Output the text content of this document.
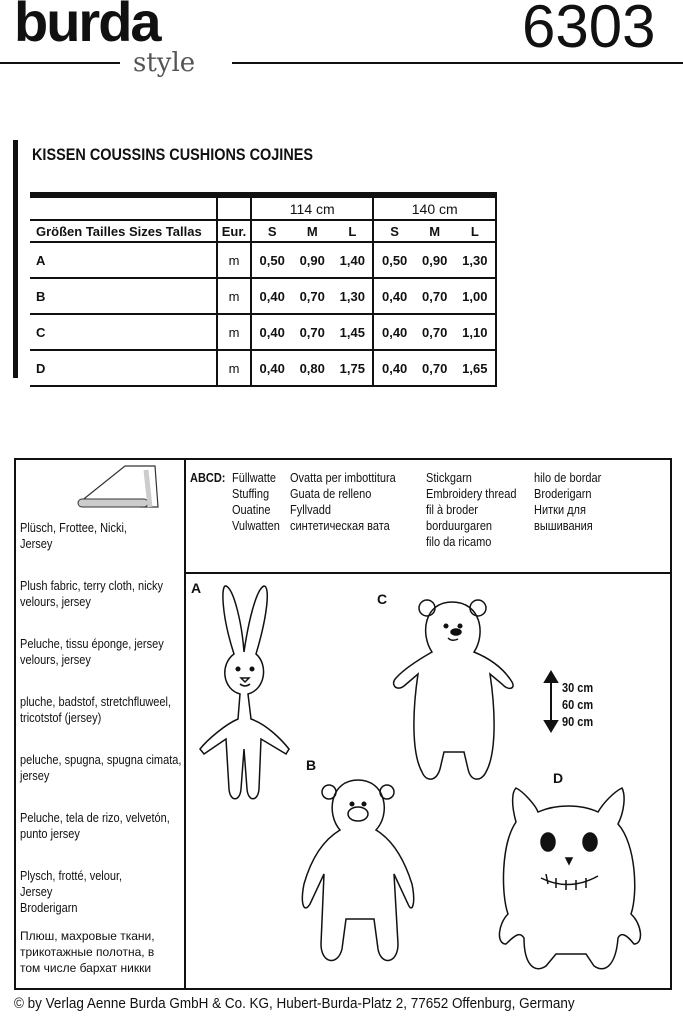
burda
style
6303
KISSEN COUSSINS CUSHIONS COJINES
		114 cm			140 cm		
Größen Tailles Sizes Tallas	Eur.	S	M	L	S	M	L
A	m	0,50	0,90	1,40	0,50	0,90	1,30
B	m	0,40	0,70	1,30	0,40	0,70	1,00
C	m	0,40	0,70	1,45	0,40	0,70	1,10
D	m	0,40	0,80	1,75	0,40	0,70	1,65
Plüsch, Frottee, Nicki,
Jersey
Plush fabric, terry cloth, nicky
velours, jersey
Peluche, tissu éponge, jersey
velours, jersey
pluche, badstof, stretchfluweel,
tricotstof (jersey)
peluche, spugna, spugna cimata,
jersey
Peluche, tela de rizo, velvetón,
punto jersey
Plysch, frotté, velour,
Jersey
Broderigarn
Плюш, махровые ткани,
трикотажные полотна, в
том числе бархат никки
ABCD: Füllwatte
Stuffing
Ouatine
Vulwatten
Ovatta per imbottitura
Guata de relleno
Fyllvadd
синтетическая вата
Stickgarn
Embroidery thread
fil à broder
borduurgaren
filo da ricamo
hilo de bordar
Broderigarn
Нитки для
вышивания
A
B
C
D
30 cm
60 cm
90 cm
© by Verlag Aenne Burda GmbH & Co. KG, Hubert-Burda-Platz 2, 77652 Offenburg, Germany
